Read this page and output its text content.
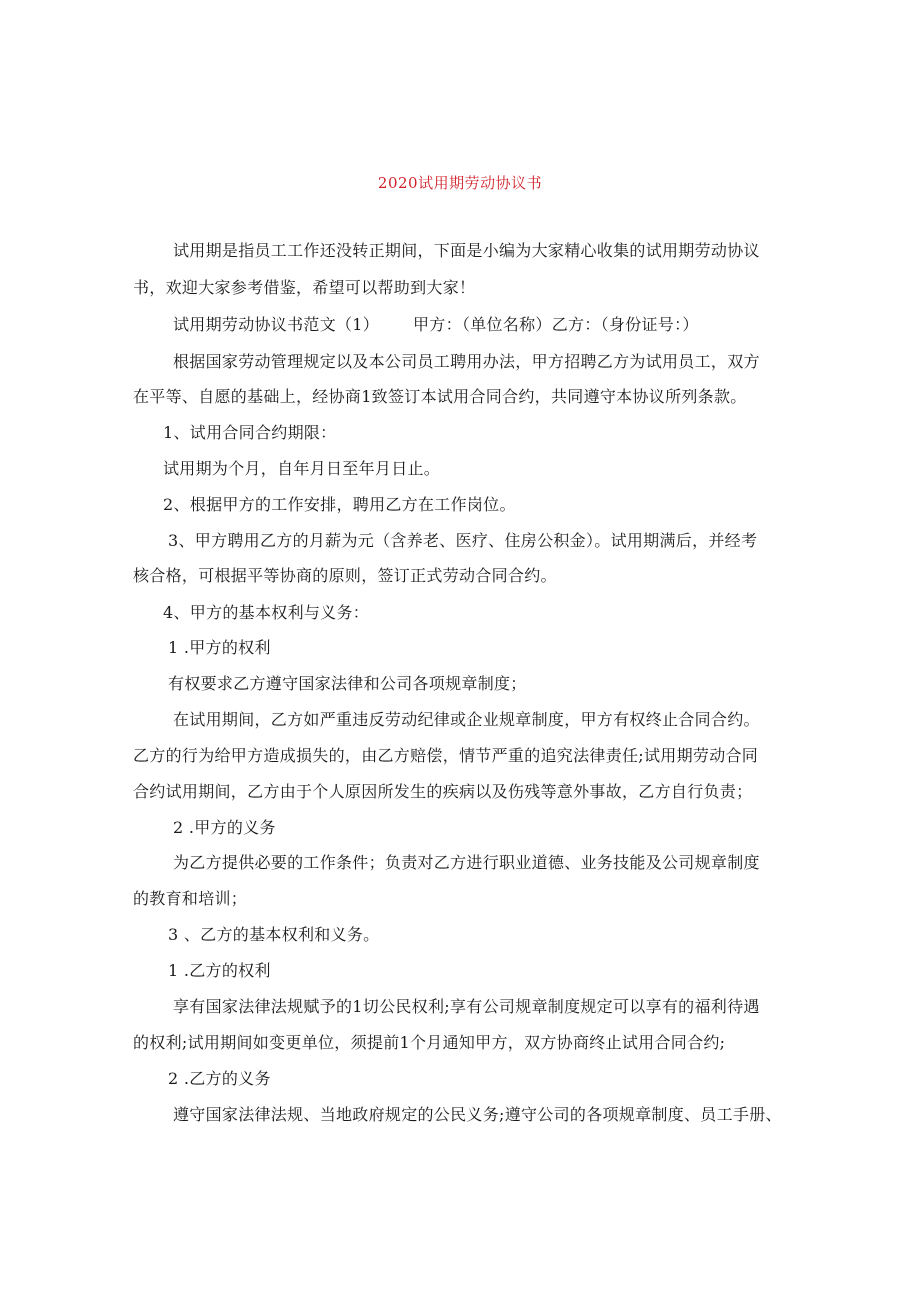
2020试用期劳动协议书
试用期是指员工工作还没转正期间，下面是小编为大家精心收集的试用期劳动协议
书，欢迎大家参考借鉴，希望可以帮助到大家！
试用期劳动协议书范文（1） 甲方：（单位名称）乙方：（身份证号：）
根据国家劳动管理规定以及本公司员工聘用办法，甲方招聘乙方为试用员工，双方
在平等、自愿的基础上，经协商1致签订本试用合同合约，共同遵守本协议所列条款。
1、试用合同合约期限：
试用期为个月，自年月日至年月日止。
2、根据甲方的工作安排，聘用乙方在工作岗位。
3、甲方聘用乙方的月薪为元（含养老、医疗、住房公积金）。试用期满后，并经考
核合格，可根据平等协商的原则，签订正式劳动合同合约。
4、甲方的基本权利与义务：
1 .甲方的权利
有权要求乙方遵守国家法律和公司各项规章制度；
在试用期间，乙方如严重违反劳动纪律或企业规章制度，甲方有权终止合同合约。
乙方的行为给甲方造成损失的，由乙方赔偿，情节严重的追究法律责任;试用期劳动合同
合约试用期间，乙方由于个人原因所发生的疾病以及伤残等意外事故，乙方自行负责；
2 .甲方的义务
为乙方提供必要的工作条件；负责对乙方进行职业道德、业务技能及公司规章制度
的教育和培训；
3 、乙方的基本权利和义务。
1 .乙方的权利
享有国家法律法规赋予的1切公民权利;享有公司规章制度规定可以享有的福利待遇
的权利;试用期间如变更单位，须提前1个月通知甲方，双方协商终止试用合同合约;
2 .乙方的义务
遵守国家法律法规、当地政府规定的公民义务;遵守公司的各项规章制度、员工手册、
